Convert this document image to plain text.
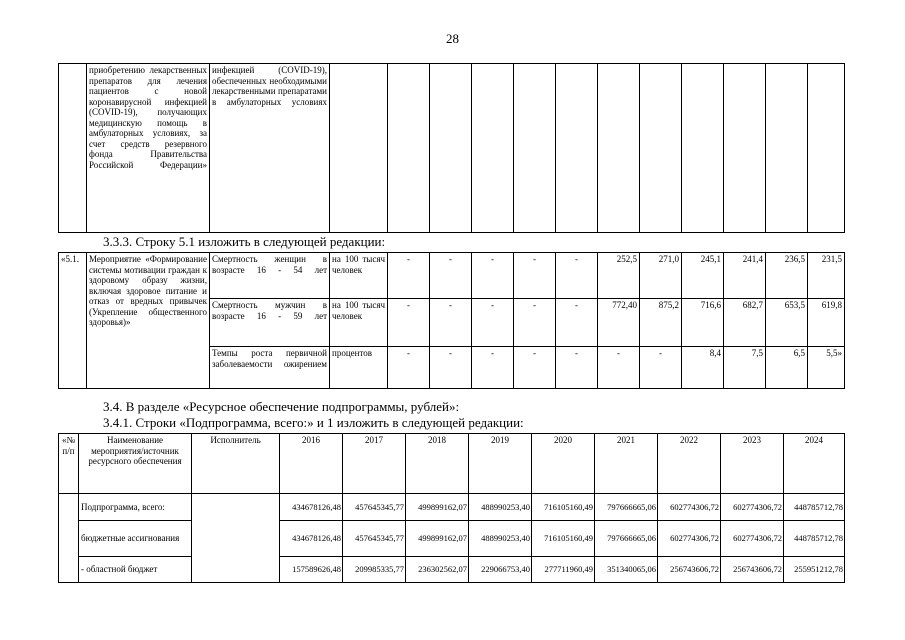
28
	приобретению лекарственных препаратов для лечения пациентов с новой коронавирусной инфекцией (COVID-19), получающих медицинскую помощь в амбулаторных условиях, за счет средств резервного фонда Правительства Российской Федерации»	инфекцией (COVID-19), обеспеченных необходимыми лекарственными препаратами в амбулаторных условиях												
3.3.3. Строку 5.1 изложить в следующей редакции:
«5.1.	Мероприятие «Формирование системы мотивации граждан к здоровому образу жизни, включая здоровое питание и отказ от вредных привычек (Укрепление общественного здоровья)»	Смертность женщин в возрасте 16 - 54 лет	на 100 тысяч человек	-	-	-	-	-	252,5	271,0	245,1	241,4	236,5	231,5
		Смертность мужчин в возрасте 16 - 59 лет	на 100 тысяч человек	-	-	-	-	-	772,40	875,2	716,6	682,7	653,5	619,8
		Темпы роста первичной заболеваемости ожирением	процентов	-	-	-	-	-	-	-	8,4	7,5	6,5	5,5»
3.4. В разделе «Ресурсное обеспечение подпрограммы, рублей»:
3.4.1. Строки «Подпрограмма, всего:» и 1 изложить в следующей редакции:
«№ п/п	Наименование мероприятия/источник ресурсного обеспечения	Исполнитель	2016	2017	2018	2019	2020	2021	2022	2023	2024
	Подпрограмма, всего:		434678126,48	457645345,77	499899162,07	488990253,40	716105160,49	797666665,06	602774306,72	602774306,72	448785712,78
	бюджетные ассигнования		434678126,48	457645345,77	499899162,07	488990253,40	716105160,49	797666665,06	602774306,72	602774306,72	448785712,78
	- областной бюджет		157589626,48	209985335,77	236302562,07	229066753,40	277711960,49	351340065,06	256743606,72	256743606,72	255951212,78
